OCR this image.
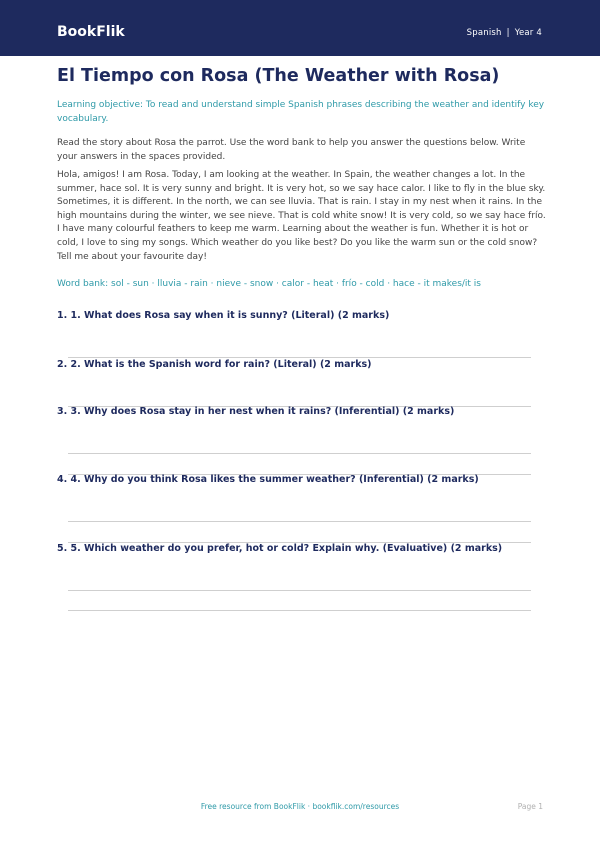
BookFlik	Spanish | Year 4
El Tiempo con Rosa (The Weather with Rosa)
Learning objective: To read and understand simple Spanish phrases describing the weather and identify key vocabulary.
Read the story about Rosa the parrot. Use the word bank to help you answer the questions below. Write your answers in the spaces provided.
Hola, amigos! I am Rosa. Today, I am looking at the weather. In Spain, the weather changes a lot. In the summer, hace sol. It is very sunny and bright. It is very hot, so we say hace calor. I like to fly in the blue sky. Sometimes, it is different. In the north, we can see lluvia. That is rain. I stay in my nest when it rains. In the high mountains during the winter, we see nieve. That is cold white snow! It is very cold, so we say hace frío. I have many colourful feathers to keep me warm. Learning about the weather is fun. Whether it is hot or cold, I love to sing my songs. Which weather do you like best? Do you like the warm sun or the cold snow? Tell me about your favourite day!
Word bank: sol - sun · lluvia - rain · nieve - snow · calor - heat · frío - cold · hace - it makes/it is
1. 1. What does Rosa say when it is sunny? (Literal) (2 marks)
2. 2. What is the Spanish word for rain? (Literal) (2 marks)
3. 3. Why does Rosa stay in her nest when it rains? (Inferential) (2 marks)
4. 4. Why do you think Rosa likes the summer weather? (Inferential) (2 marks)
5. 5. Which weather do you prefer, hot or cold? Explain why. (Evaluative) (2 marks)
Free resource from BookFlik · bookflik.com/resources	Page 1
